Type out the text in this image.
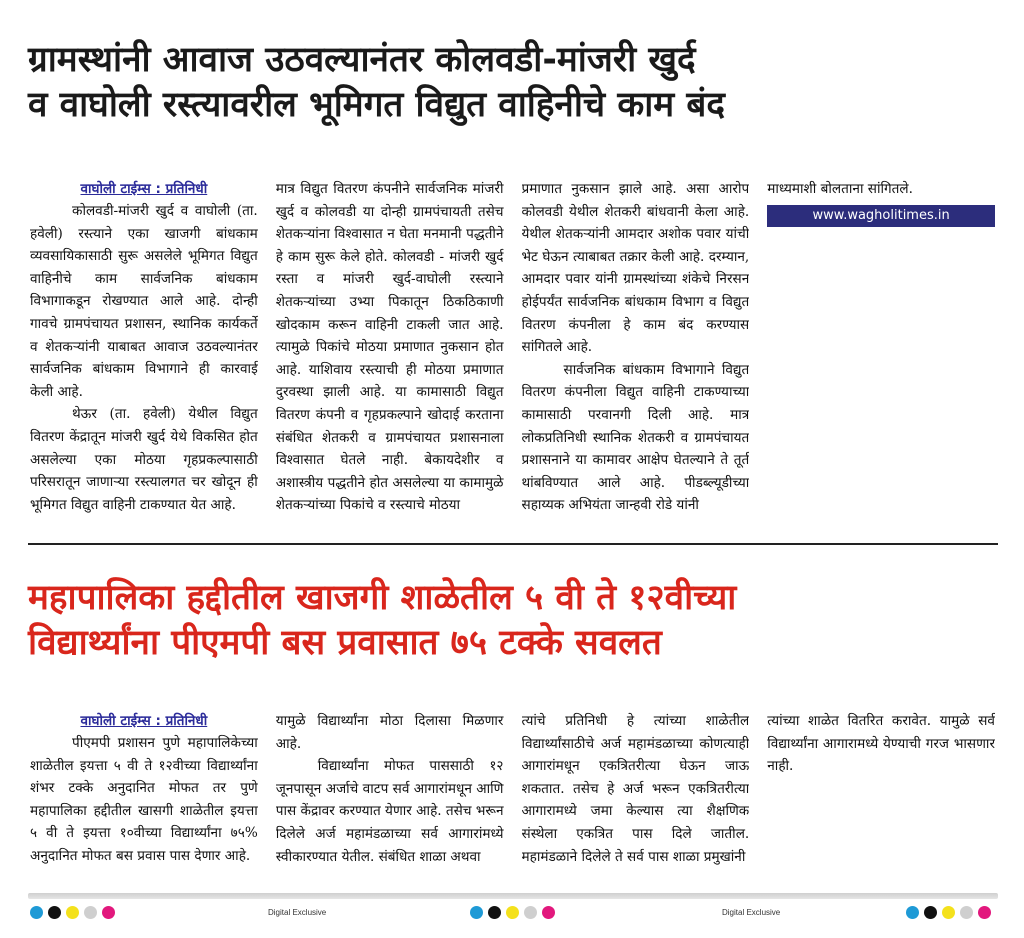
ग्रामस्थांनी आवाज उठवल्यानंतर कोलवडी-मांजरी खुर्द
व वाघोली रस्त्यावरील भूमिगत विद्युत वाहिनीचे काम बंद
वाघोली टाईम्स : प्रतिनिधी

कोलवडी-मांजरी खुर्द व वाघोली (ता. हवेली) रस्त्याने एका खाजगी बांधकाम व्यवसायिकासाठी सुरू असलेले भूमिगत विद्युत वाहिनीचे काम सार्वजनिक बांधकाम विभागाकडून रोखण्यात आले आहे. दोन्ही गावचे ग्रामपंचायत प्रशासन, स्थानिक कार्यकर्ते व शेतकऱ्यांनी याबाबत आवाज उठवल्यानंतर सार्वजनिक बांधकाम विभागाने ही कारवाई केली आहे.

थेऊर (ता. हवेली) येथील विद्युत वितरण केंद्रातून मांजरी खुर्द येथे विकसित होत असलेल्या एका मोठया गृहप्रकल्पासाठी परिसरातून जाणाऱ्या रस्त्यालगत चर खोदून ही भूमिगत विद्युत वाहिनी टाकण्यात येत आहे.

मात्र विद्युत वितरण कंपनीने सार्वजनिक मांजरी खुर्द व कोलवडी या दोन्ही ग्रामपंचायती तसेच शेतकऱ्यांना विश्वासात न घेता मनमानी पद्धतीने हे काम सुरू केले होते. कोलवडी - मांजरी खुर्द रस्ता व मांजरी खुर्द-वाघोली रस्त्याने शेतकऱ्यांच्या उभ्या पिकातून ठिकठिकाणी खोदकाम करून वाहिनी टाकली जात आहे. त्यामुळे पिकांचे मोठया प्रमाणात नुकसान होत आहे. याशिवाय रस्त्याची ही मोठया प्रमाणात दुरवस्था झाली आहे. या कामासाठी विद्युत वितरण कंपनी व गृहप्रकल्पाने खोदाई करताना संबंधित शेतकरी व ग्रामपंचायत प्रशासनाला विश्वासात घेतले नाही. बेकायदेशीर व अशास्त्रीय पद्धतीने होत असलेल्या या कामामुळे शेतकऱ्यांच्या पिकांचे व रस्त्याचे मोठया

प्रमाणात नुकसान झाले आहे. असा आरोप कोलवडी येथील शेतकरी बांधवानी केला आहे. येथील शेतकऱ्यांनी आमदार अशोक पवार यांची भेट घेऊन त्याबाबत तक्रार केली आहे. दरम्यान, आमदार पवार यांनी ग्रामस्थांच्या शंकेचे निरसन होईपर्यंत सार्वजनिक बांधकाम विभाग व विद्युत वितरण कंपनीला हे काम बंद करण्यास सांगितले आहे.

सार्वजनिक बांधकाम विभागाने विद्युत वितरण कंपनीला विद्युत वाहिनी टाकण्याच्या कामासाठी परवानगी दिली आहे. मात्र लोकप्रतिनिधी स्थानिक शेतकरी व ग्रामपंचायत प्रशासनाने या कामावर आक्षेप घेतल्याने ते तूर्त थांबविण्यात आले आहे. पीडब्ल्यूडीच्या सहाय्यक अभियंता जान्हवी रोडे यांनी

माध्यमाशी बोलताना सांगितले.

www.wagholitimes.in
महापालिका हद्दीतील खाजगी शाळेतील ५ वी ते १२वीच्या
विद्यार्थ्यांना पीएमपी बस प्रवासात ७५ टक्के सवलत
वाघोली टाईम्स : प्रतिनिधी

पीएमपी प्रशासन पुणे महापालिकेच्या शाळेतील इयत्ता ५ वी ते १२वीच्या विद्यार्थ्यांना शंभर टक्के अनुदानित मोफत तर पुणे महापालिका हद्दीतील खासगी शाळेतील इयत्ता ५ वी ते इयत्ता १०वीच्या विद्यार्थ्यांना ७५% अनुदानित मोफत बस प्रवास पास देणार आहे.

यामुळे विद्यार्थ्यांना मोठा दिलासा मिळणार आहे.

विद्यार्थ्यांना मोफत पाससाठी १२ जूनपासून अर्जाचे वाटप सर्व आगारांमधून आणि पास केंद्रावर करण्यात येणार आहे. तसेच भरून दिलेले अर्ज महामंडळाच्या सर्व आगारांमध्ये स्वीकारण्यात येतील. संबंधित शाळा अथवा

त्यांचे प्रतिनिधी हे त्यांच्या शाळेतील विद्यार्थ्यांसाठीचे अर्ज महामंडळाच्या कोणत्याही आगारांमधून एकत्रितरीत्या घेऊन जाऊ शकतात. तसेच हे अर्ज भरून एकत्रितरीत्या आगारामध्ये जमा केल्यास त्या शैक्षणिक संस्थेला एकत्रित पास दिले जातील. महामंडळाने दिलेले ते सर्व पास शाळा प्रमुखांनी

त्यांच्या शाळेत वितरित करावेत. यामुळे सर्व विद्यार्थ्यांना आगारामध्ये येण्याची गरज भासणार नाही.

Digital Exclusive	Digital Exclusive
